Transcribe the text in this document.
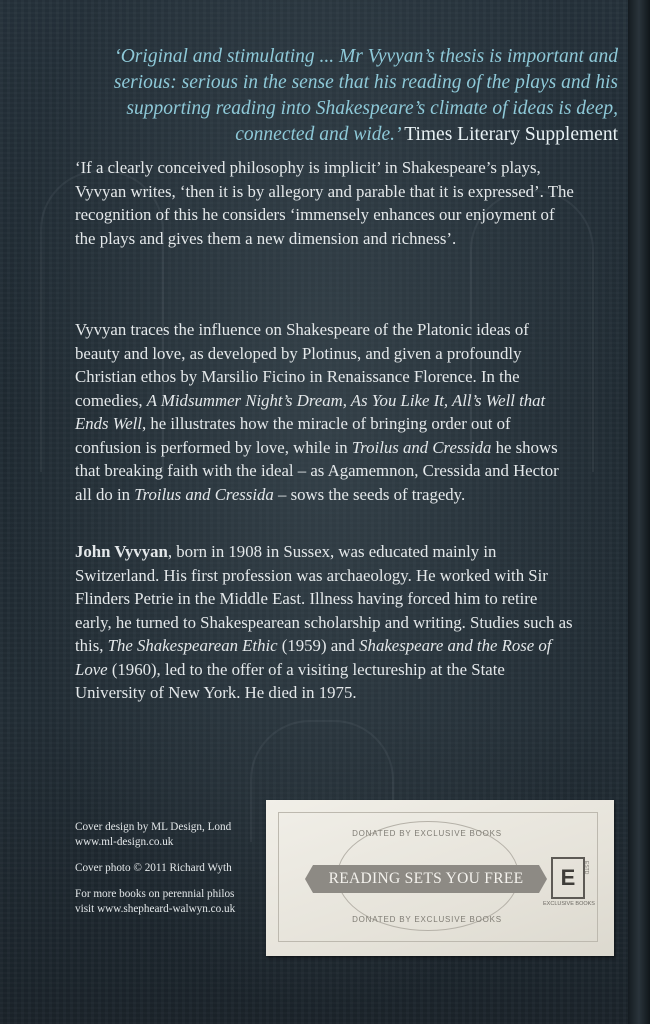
‘Original and stimulating ... Mr Vyvyan’s thesis is important and serious: serious in the sense that his reading of the plays and his supporting reading into Shakespeare’s climate of ideas is deep, connected and wide.’ Times Literary Supplement
‘If a clearly conceived philosophy is implicit’ in Shakespeare’s plays, Vyvyan writes, ‘then it is by allegory and parable that it is expressed’. The recognition of this he considers ‘immensely enhances our enjoyment of the plays and gives them a new dimension and richness’.
Vyvyan traces the influence on Shakespeare of the Platonic ideas of beauty and love, as developed by Plotinus, and given a profoundly Christian ethos by Marsilio Ficino in Renaissance Florence. In the comedies, A Midsummer Night’s Dream, As You Like It, All’s Well that Ends Well, he illustrates how the miracle of bringing order out of confusion is performed by love, while in Troilus and Cressida he shows that breaking faith with the ideal – as Agamemnon, Cressida and Hector all do in Troilus and Cressida – sows the seeds of tragedy.
John Vyvyan, born in 1908 in Sussex, was educated mainly in Switzerland. His first profession was archaeology. He worked with Sir Flinders Petrie in the Middle East. Illness having forced him to retire early, he turned to Shakespearean scholarship and writing. Studies such as this, The Shakespearean Ethic (1959) and Shakespeare and the Rose of Love (1960), led to the offer of a visiting lectureship at the State University of New York. He died in 1975.

Cover design by ML Design, Lond
www.ml-design.co.uk

Cover photo © 2011 Richard Wyth

For more books on perennial philos
visit www.shepheard-walwyn.co.uk

DONATED BY EXCLUSIVE BOOKS
READING SETS YOU FREE
DONATED BY EXCLUSIVE BOOKS
E	ESTD
EXCLUSIVE BOOKS
